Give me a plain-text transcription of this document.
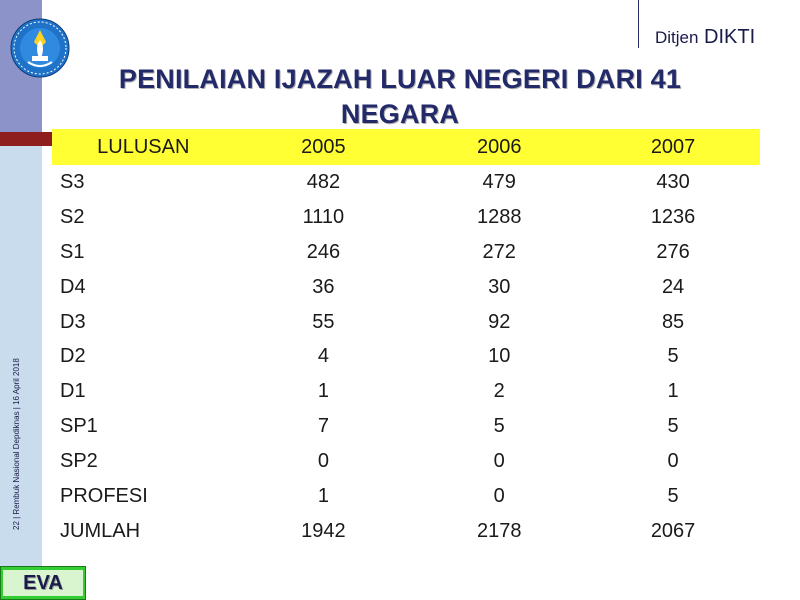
Ditjen DIKTI
PENILAIAN IJAZAH LUAR NEGERI DARI 41
NEGARA
LULUSAN	2005	2006	2007
S3	482	479	430
S2	1110	1288	1236
S1	246	272	276
D4	36	30	24
D3	55	92	85
D2	4	10	5
D1	1	2	1
SP1	7	5	5
SP2	0	0	0
PROFESI	1	0	5
JUMLAH	1942	2178	2067
22 | Rembuk Nasional Depdiknas | 16 April 2018
EVA
